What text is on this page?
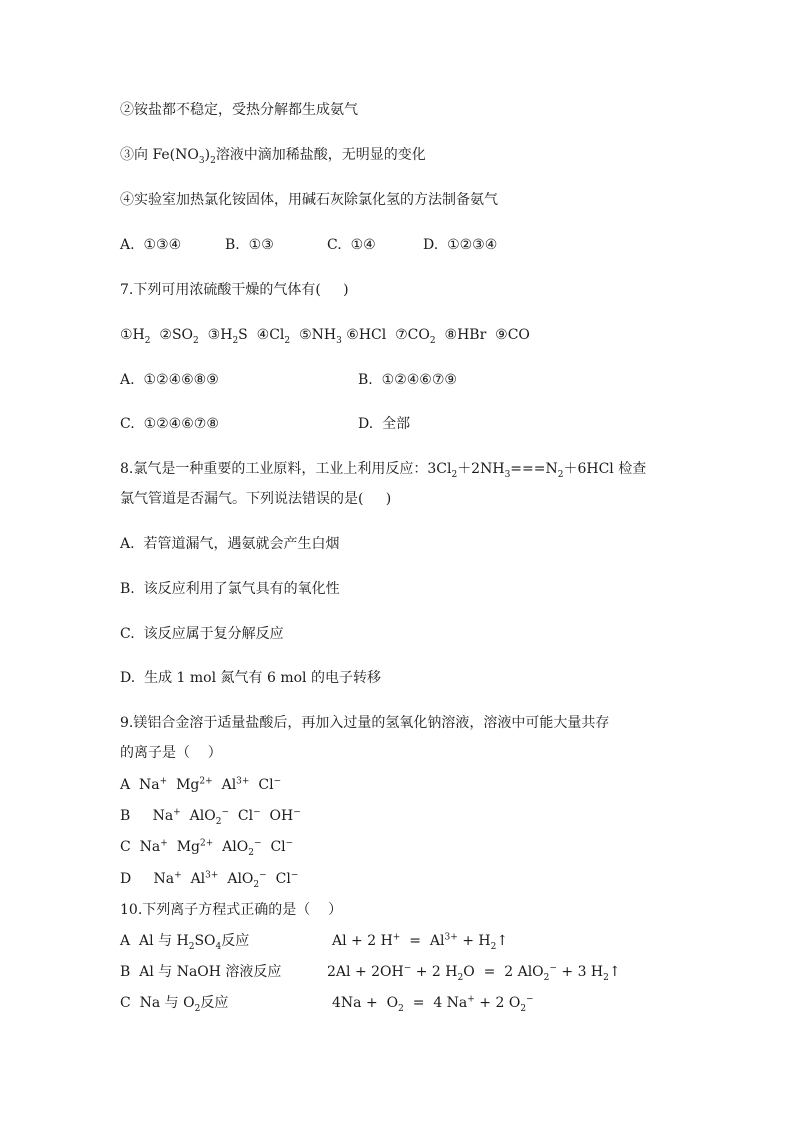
②铵盐都不稳定，受热分解都生成氨气
③向 $Fe(NO_3)_2$溶液中滴加稀盐酸，无明显的变化
④实验室加热氯化铵固体，用碱石灰除氯化氢的方法制备氨气
A.  ①③④	B.  ①③	C.  ①④	D.  ①②③④
7.下列可用浓硫酸干燥的气体有(     )
$①H_2$ $②SO_2$ $③H_2S$ $④Cl_2$ $⑤NH_3$ ⑥HCl $⑦CO_2$ ⑧HBr ⑨CO
A.  ①②④⑥⑧⑨	B.  ①②④⑥⑦⑨
C.  ①②④⑥⑦⑧	D.  全部
8.氯气是一种重要的工业原料，工业上利用反应：$3Cl_2+2NH_3===N_2+6HCl$ 检查
氯气管道是否漏气。下列说法错误的是(     )
A.  若管道漏气，遇氨就会产生白烟
B.  该反应利用了氯气具有的氧化性
C.  该反应属于复分解反应
D.  生成 1 mol 氮气有 6 mol 的电子转移
9.镁铝合金溶于适量盐酸后，再加入过量的氢氧化钠溶液，溶液中可能大量共存
的离子是（    ）
A Na+ $Mg^{2+}$ $Al^{3+}$ Cl−
B Na+ AlO$_2$− Cl− OH−
C Na+ $Mg^{2+}$ AlO$_2$− Cl−
D Na+ $Al^{3+}$ AlO$_2$− Cl−
10.下列离子方程式正确的是（    ）
A Al 与 $H_2SO_4$反应	Al + 2 $H^+ = Al^{3+}$ + $H_2↑$
B Al 与 NaOH 溶液反应	2Al + 2OH− + 2 $H_2O = 2$ AlO$_2$− + 3 $H_2↑$
C Na 与 $O_2$反应	$4Na + O_2 = 4$ Na+ + 2 $O_2^-$
